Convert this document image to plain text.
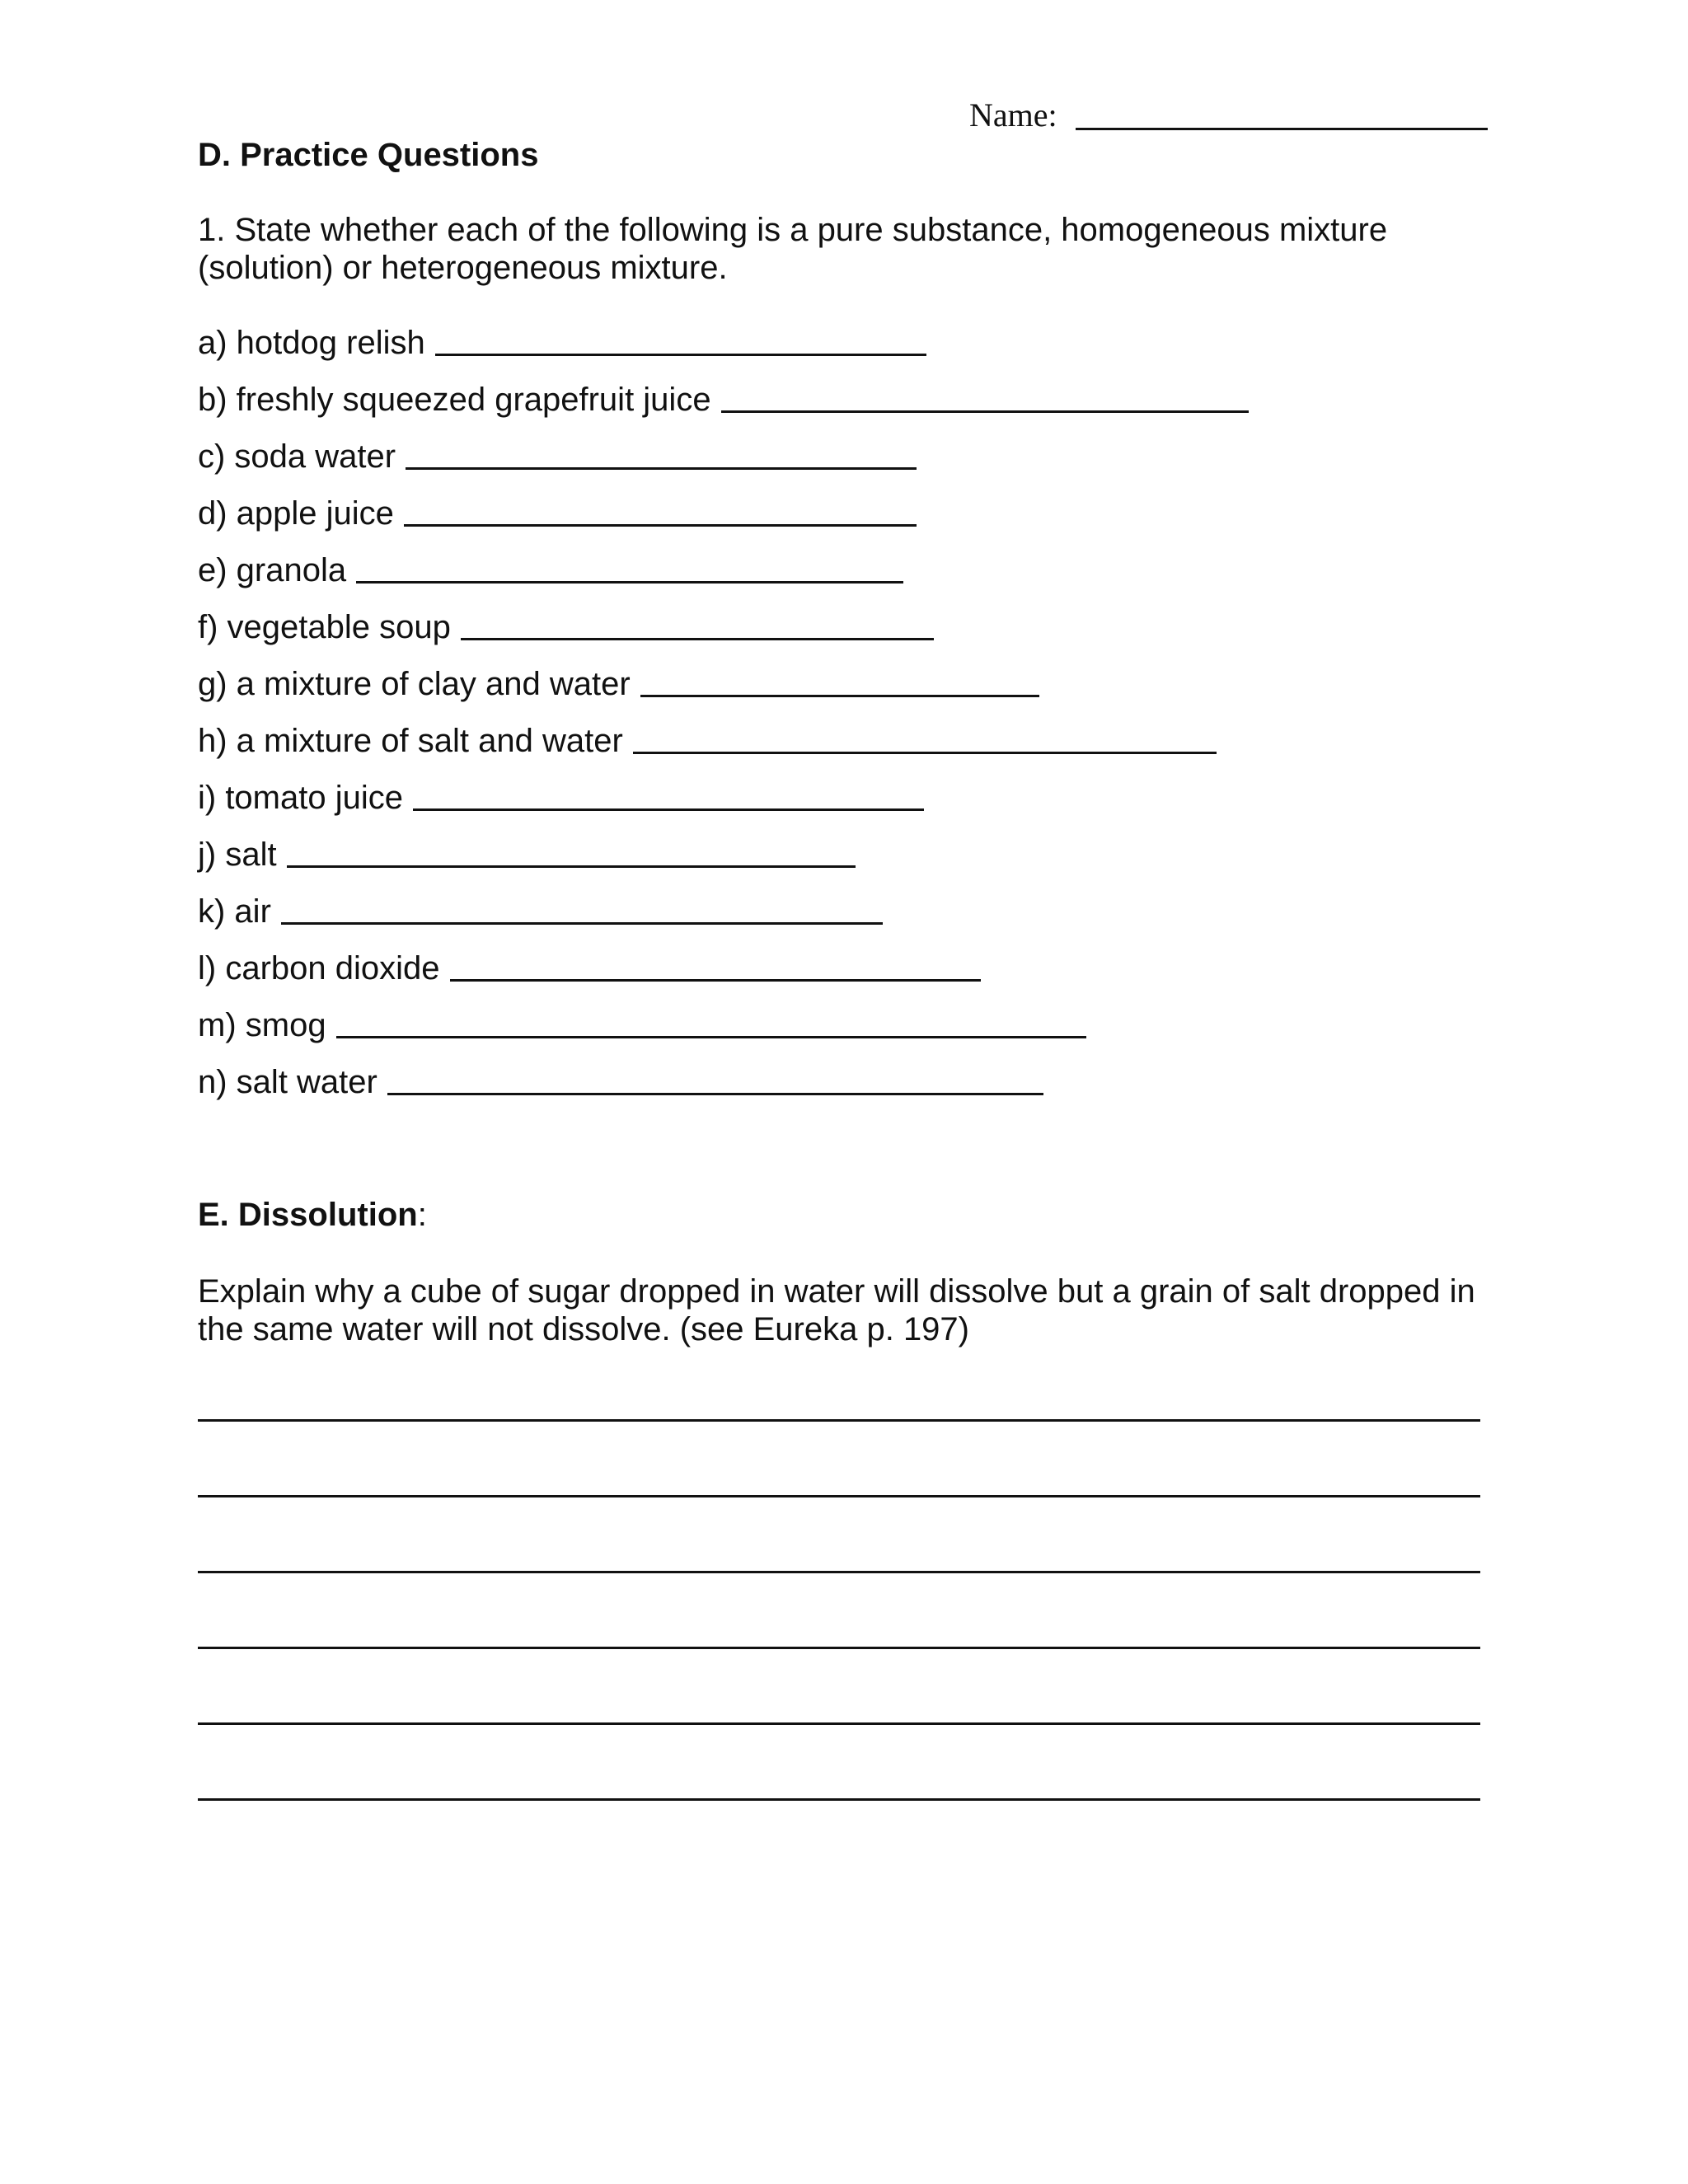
Name:
D. Practice Questions
1. State whether each of the following is a pure substance, homogeneous mixture (solution) or heterogeneous mixture.
a) hotdog relish
b) freshly squeezed grapefruit juice
c) soda water
d) apple juice
e) granola
f) vegetable soup
g) a mixture of clay and water
h) a mixture of salt and water
i) tomato juice
j) salt
k) air
l) carbon dioxide
m) smog
n) salt water
E. Dissolution:
Explain why a cube of sugar dropped in water will dissolve but a grain of salt dropped in the same water will not dissolve. (see Eureka p. 197)
